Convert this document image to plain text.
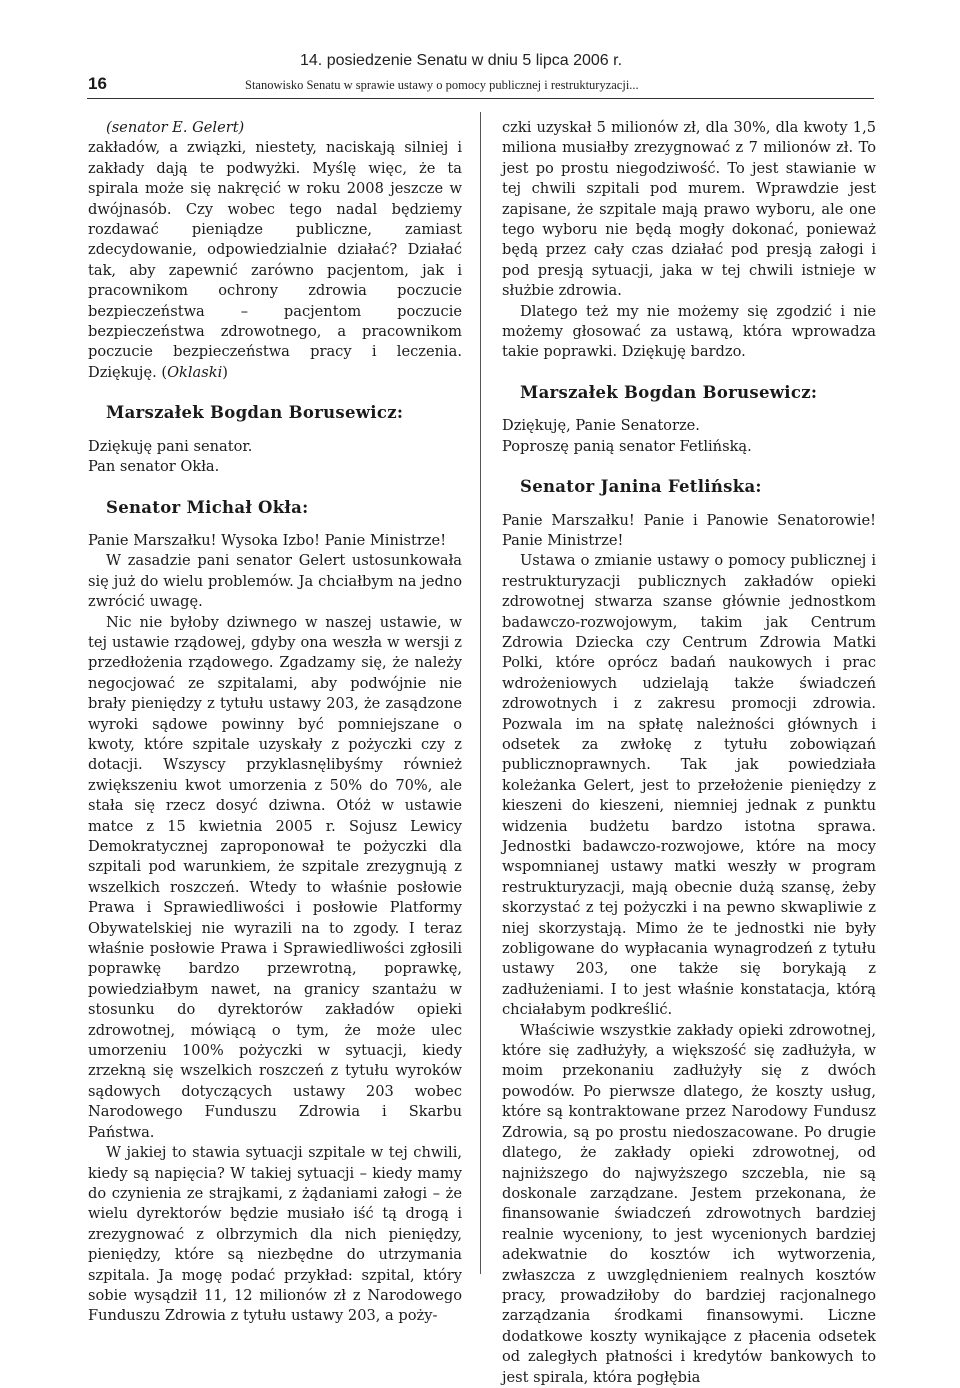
16
14. posiedzenie Senatu w dniu 5 lipca 2006 r.
Stanowisko Senatu w sprawie ustawy o pomocy publicznej i restrukturyzacji...

(senator E. Gelert)

zakładów, a związki, niestety, naciskają silniej i zakłady dają te podwyżki. Myślę więc, że ta spirala może się nakręcić w roku 2008 jeszcze w dwójnasób. Czy wobec tego nadal będziemy rozdawać pieniądze publiczne, zamiast zdecydowanie, odpowiedzialnie działać? Działać tak, aby zapewnić zarówno pacjentom, jak i pracownikom ochrony zdrowia poczucie bezpieczeństwa – pacjentom poczucie bezpieczeństwa zdrowotnego, a pracownikom poczucie bezpieczeństwa pracy i leczenia. Dziękuję. (Oklaski)

Marszałek Bogdan Borusewicz:

Dziękuję pani senator.

Pan senator Okła.

Senator Michał Okła:

Panie Marszałku! Wysoka Izbo! Panie Ministrze!

W zasadzie pani senator Gelert ustosunkowała się już do wielu problemów. Ja chciałbym na jedno zwrócić uwagę.

Nic nie byłoby dziwnego w naszej ustawie, w tej ustawie rządowej, gdyby ona weszła w wersji z przedłożenia rządowego. Zgadzamy się, że należy negocjować ze szpitalami, aby podwójnie nie brały pieniędzy z tytułu ustawy 203, że zasądzone wyroki sądowe powinny być pomniejszane o kwoty, które szpitale uzyskały z pożyczki czy z dotacji. Wszyscy przyklasnęlibyśmy również zwiększeniu kwot umorzenia z 50% do 70%, ale stała się rzecz dosyć dziwna. Otóż w ustawie matce z 15 kwietnia 2005 r. Sojusz Lewicy Demokratycznej zaproponował te pożyczki dla szpitali pod warunkiem, że szpitale zrezygnują z wszelkich roszczeń. Wtedy to właśnie posłowie Prawa i Sprawiedliwości i posłowie Platformy Obywatelskiej nie wyrazili na to zgody. I teraz właśnie posłowie Prawa i Sprawiedliwości zgłosili poprawkę bardzo przewrotną, poprawkę, powiedziałbym nawet, na granicy szantażu w stosunku do dyrektorów zakładów opieki zdrowotnej, mówiącą o tym, że może ulec umorzeniu 100% pożyczki w sytuacji, kiedy zrzekną się wszelkich roszczeń z tytułu wyroków sądowych dotyczących ustawy 203 wobec Narodowego Funduszu Zdrowia i Skarbu Państwa.

W jakiej to stawia sytuacji szpitale w tej chwili, kiedy są napięcia? W takiej sytuacji – kiedy mamy do czynienia ze strajkami, z żądaniami załogi – że wielu dyrektorów będzie musiało iść tą drogą i zrezygnować z olbrzymich dla nich pieniędzy, pieniędzy, które są niezbędne do utrzymania szpitala. Ja mogę podać przykład: szpital, który sobie wysądził 11, 12 milionów zł z Narodowego Funduszu Zdrowia z tytułu ustawy 203, a poży-

czki uzyskał 5 milionów zł, dla 30%, dla kwoty 1,5 miliona musiałby zrezygnować z 7 milionów zł. To jest po prostu niegodziwość. To jest stawianie w tej chwili szpitali pod murem. Wprawdzie jest zapisane, że szpitale mają prawo wyboru, ale one tego wyboru nie będą mogły dokonać, ponieważ będą przez cały czas działać pod presją załogi i pod presją sytuacji, jaka w tej chwili istnieje w służbie zdrowia.

Dlatego też my nie możemy się zgodzić i nie możemy głosować za ustawą, która wprowadza takie poprawki. Dziękuję bardzo.

Marszałek Bogdan Borusewicz:

Dziękuję, Panie Senatorze.

Poproszę panią senator Fetlińską.

Senator Janina Fetlińska:

Panie Marszałku! Panie i Panowie Senatorowie! Panie Ministrze!

Ustawa o zmianie ustawy o pomocy publicznej i restrukturyzacji publicznych zakładów opieki zdrowotnej stwarza szanse głównie jednostkom badawczo-rozwojowym, takim jak Centrum Zdrowia Dziecka czy Centrum Zdrowia Matki Polki, które oprócz badań naukowych i prac wdrożeniowych udzielają także świadczeń zdrowotnych i z zakresu promocji zdrowia. Pozwala im na spłatę należności głównych i odsetek za zwłokę z tytułu zobowiązań publicznoprawnych. Tak jak powiedziała koleżanka Gelert, jest to przełożenie pieniędzy z kieszeni do kieszeni, niemniej jednak z punktu widzenia budżetu bardzo istotna sprawa. Jednostki badawczo-rozwojowe, które na mocy wspomnianej ustawy matki weszły w program restrukturyzacji, mają obecnie dużą szansę, żeby skorzystać z tej pożyczki i na pewno skwapliwie z niej skorzystają. Mimo że te jednostki nie były zobligowane do wypłacania wynagrodzeń z tytułu ustawy 203, one także się borykają z zadłużeniami. I to jest właśnie konstatacja, którą chciałabym podkreślić.

Właściwie wszystkie zakłady opieki zdrowotnej, które się zadłużyły, a większość się zadłużyła, w moim przekonaniu zadłużyły się z dwóch powodów. Po pierwsze dlatego, że koszty usług, które są kontraktowane przez Narodowy Fundusz Zdrowia, są po prostu niedoszacowane. Po drugie dlatego, że zakłady opieki zdrowotnej, od najniższego do najwyższego szczebla, nie są doskonale zarządzane. Jestem przekonana, że finansowanie świadczeń zdrowotnych bardziej realnie wyceniony, to jest wycenionych bardziej adekwatnie do kosztów ich wytworzenia, zwłaszcza z uwzględnieniem realnych kosztów pracy, prowadziłoby do bardziej racjonalnego zarządzania środkami finansowymi. Liczne dodatkowe koszty wynikające z płacenia odsetek od zaległych płatności i kredytów bankowych to jest spirala, która pogłębia
